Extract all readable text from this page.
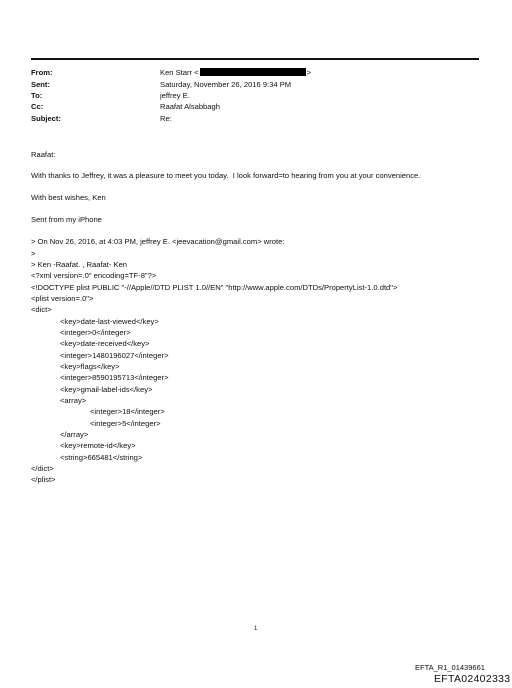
From:	Ken Starr <	>
Sent:	Saturday, November 26, 2016 9:34 PM
To:	jeffrey E.
Cc:	Raafat Alsabbagh
Subject:	Re:
Raafat:
With thanks to Jeffrey, it was a pleasure to meet you today.  I look forward=to hearing from you at your convenience.
With best wishes, Ken
Sent from my iPhone
> On Nov 26, 2016, at 4:03 PM, jeffrey E. <jeevacation@gmail.com> wrote:
>
> Ken -Raafat. , Raafat- Ken
<?xml version=.0" encoding=TF-8"?>
<!DOCTYPE plist PUBLIC "-//Apple//DTD PLIST 1.0//EN" "http://www.apple.com/DTDs/PropertyList-1.0.dtd">
<plist version=.0">
<dict>
<key>date-last-viewed</key>
<integer>0</integer>
<key>date-received</key>
<integer>1480196027</integer>
<key>flags</key>
<integer>8590195713</integer>
<key>gmail-label-ids</key>
<array>
<integer>18</integer>
<integer>5</integer>
</array>
<key>remote-id</key>
<string>665481</string>
</dict>
</plist>
1
EFTA_R1_01439661
EFTA02402333
